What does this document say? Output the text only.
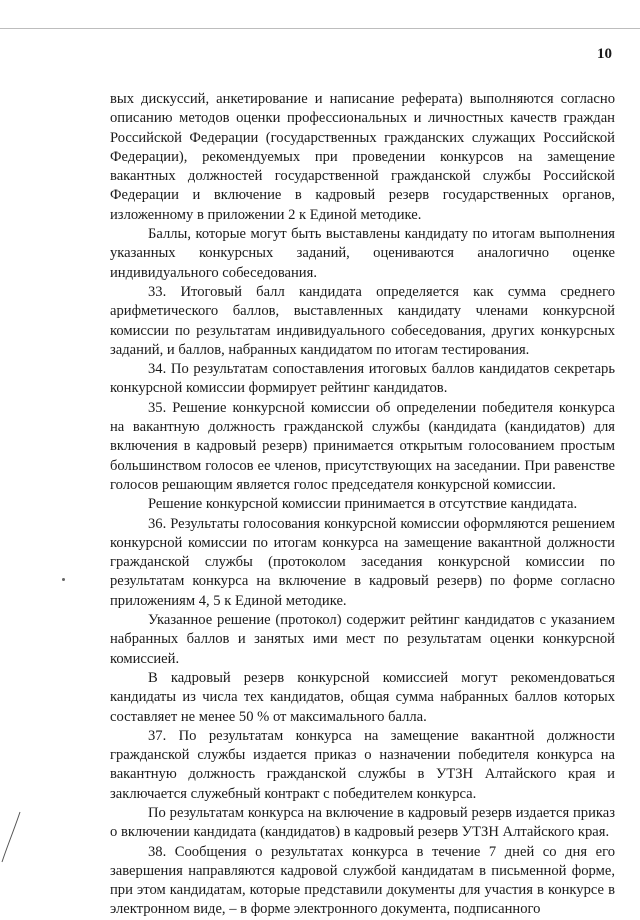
10

вых дискуссий, анкетирование и написание реферата) выполняются согласно описанию методов оценки профессиональных и личностных качеств граждан Российской Федерации (государственных гражданских служащих Российской Федерации), рекомендуемых при проведении конкурсов на замещение вакантных должностей государственной гражданской службы Российской Федерации и включение в кадровый резерв государственных органов, изложенному в приложении 2 к Единой методике.

Баллы, которые могут быть выставлены кандидату по итогам выполнения указанных конкурсных заданий, оцениваются аналогично оценке индивидуального собеседования.

33. Итоговый балл кандидата определяется как сумма среднего арифметического баллов, выставленных кандидату членами конкурсной комиссии по результатам индивидуального собеседования, других конкурсных заданий, и баллов, набранных кандидатом по итогам тестирования.

34. По результатам сопоставления итоговых баллов кандидатов секретарь конкурсной комиссии формирует рейтинг кандидатов.

35. Решение конкурсной комиссии об определении победителя конкурса на вакантную должность гражданской службы (кандидата (кандидатов) для включения в кадровый резерв) принимается открытым голосованием простым большинством голосов ее членов, присутствующих на заседании. При равенстве голосов решающим является голос председателя конкурсной комиссии.

Решение конкурсной комиссии принимается в отсутствие кандидата.

36. Результаты голосования конкурсной комиссии оформляются решением конкурсной комиссии по итогам конкурса на замещение вакантной должности гражданской службы (протоколом заседания конкурсной комиссии по результатам конкурса на включение в кадровый резерв) по форме согласно приложениям 4, 5 к Единой методике.

Указанное решение (протокол) содержит рейтинг кандидатов с указанием набранных баллов и занятых ими мест по результатам оценки конкурсной комиссией.

В кадровый резерв конкурсной комиссией могут рекомендоваться кандидаты из числа тех кандидатов, общая сумма набранных баллов которых составляет не менее 50 % от максимального балла.

37. По результатам конкурса на замещение вакантной должности гражданской службы издается приказ о назначении победителя конкурса на вакантную должность гражданской службы в УТЗН Алтайского края и заключается служебный контракт с победителем конкурса.

По результатам конкурса на включение в кадровый резерв издается приказ о включении кандидата (кандидатов) в кадровый резерв УТЗН Алтайского края.

38. Сообщения о результатах конкурса в течение 7 дней со дня его завершения направляются кадровой службой кандидатам в письменной форме, при этом кандидатам, которые представили документы для участия в конкурсе в электронном виде, – в форме электронного документа, подписанного
